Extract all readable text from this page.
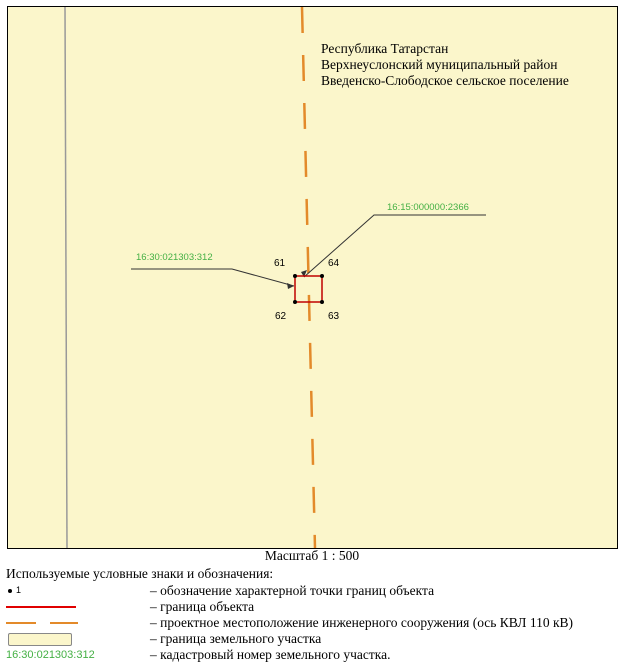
16:30:021303:312
16:15:000000:2366
61	64
62	63
Республика Татарстан
Верхнеуслонский муниципальный район
Введенско-Слободское сельское поселение
Масштаб 1 : 500
Используемые условные знаки и обозначения:
1	– обозначение характерной точки границ объекта
– граница объекта
– проектное местоположение инженерного сооружения (ось КВЛ 110 кВ)
– граница земельного участка
16:30:021303:312	– кадастровый номер земельного участка.
